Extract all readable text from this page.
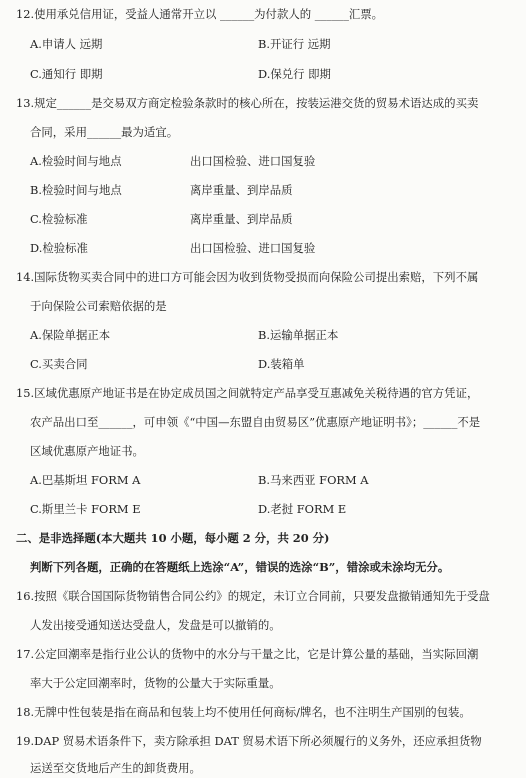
12.使用承兑信用证，受益人通常开立以 ______为付款人的 ______汇票。
A.申请人 远期	B.开证行 远期
C.通知行 即期	D.保兑行 即期
13.规定______是交易双方商定检验条款时的核心所在，按装运港交货的贸易术语达成的买卖
合同，采用______最为适宜。
A.检验时间与地点	出口国检验、进口国复验
B.检验时间与地点	离岸重量、到岸品质
C.检验标准	离岸重量、到岸品质
D.检验标准	出口国检验、进口国复验
14.国际货物买卖合同中的进口方可能会因为收到货物受损而向保险公司提出索赔，下列不属
于向保险公司索赔依据的是
A.保险单据正本	B.运输单据正本
C.买卖合同	D.装箱单
15.区域优惠原产地证书是在协定成员国之间就特定产品享受互惠减免关税待遇的官方凭证，
农产品出口至______，可申领《“中国—东盟自由贸易区”优惠原产地证明书》；______不是
区域优惠原产地证书。
A.巴基斯坦 FORM A	B.马来西亚 FORM A
C.斯里兰卡 FORM E	D.老挝 FORM E
二、是非选择题(本大题共 10 小题，每小题 2 分，共 20 分)
判断下列各题，正确的在答题纸上选涂“A”，错误的选涂“B”，错涂或未涂均无分。
16.按照《联合国国际货物销售合同公约》的规定，未订立合同前，只要发盘撤销通知先于受盘
人发出接受通知送达受盘人，发盘是可以撤销的。
17.公定回潮率是指行业公认的货物中的水分与干量之比，它是计算公量的基础，当实际回潮
率大于公定回潮率时，货物的公量大于实际重量。
18.无牌中性包装是指在商品和包装上均不使用任何商标/牌名，也不注明生产国别的包装。
19.DAP 贸易术语条件下，卖方除承担 DAT 贸易术语下所必须履行的义务外，还应承担货物
运送至交货地后产生的卸货费用。
